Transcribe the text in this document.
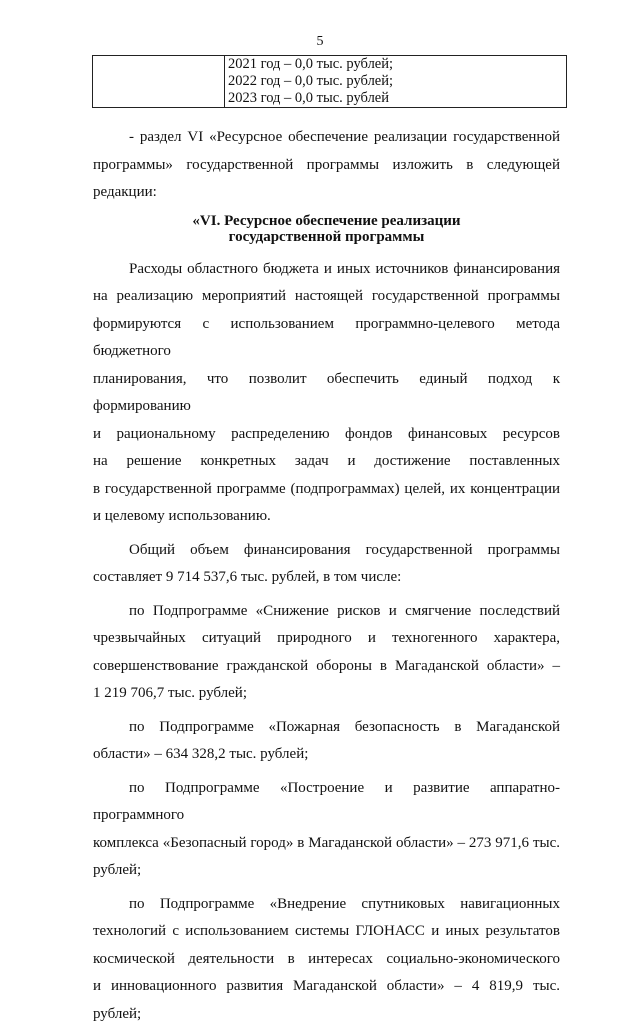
5

2021 год – 0,0 тыс. рублей;
2022 год – 0,0 тыс. рублей;
2023 год – 0,0 тыс. рублей
- раздел VI «Ресурсное обеспечение реализации государственной
программы» государственной программы изложить в следующей
редакции:
«VI. Ресурсное обеспечение реализации
государственной программы
Расходы областного бюджета и иных источников финансирования
на реализацию мероприятий настоящей государственной программы
формируются с использованием программно-целевого метода бюджетного
планирования, что позволит обеспечить единый подход к формированию
и рациональному распределению фондов финансовых ресурсов
на решение конкретных задач и достижение поставленных
в государственной программе (подпрограммах) целей, их концентрации
и целевому использованию.
Общий объем финансирования государственной программы
составляет 9 714 537,6 тыс. рублей, в том числе:
по Подпрограмме «Снижение рисков и смягчение последствий
чрезвычайных ситуаций природного и техногенного характера,
совершенствование гражданской обороны в Магаданской области» –
1 219 706,7 тыс. рублей;
по Подпрограмме «Пожарная безопасность в Магаданской
области» – 634 328,2 тыс. рублей;
по Подпрограмме «Построение и развитие аппаратно-программного
комплекса «Безопасный город» в Магаданской области» – 273 971,6 тыс.
рублей;
по Подпрограмме «Внедрение спутниковых навигационных
технологий с использованием системы ГЛОНАСС и иных результатов
космической деятельности в интересах социально-экономического
и инновационного развития Магаданской области» – 4 819,9 тыс. рублей;
